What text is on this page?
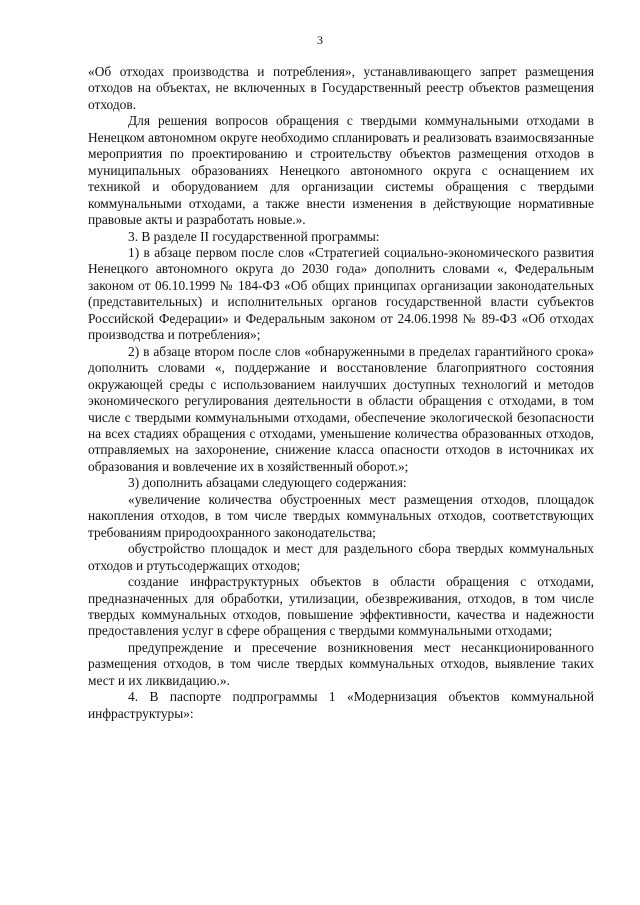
3

«Об отходах производства и потребления», устанавливающего запрет размещения отходов на объектах, не включенных в Государственный реестр объектов размещения отходов.

Для решения вопросов обращения с твердыми коммунальными отходами в Ненецком автономном округе необходимо спланировать и реализовать взаимосвязанные мероприятия по проектированию и строительству объектов размещения отходов в муниципальных образованиях Ненецкого автономного округа с оснащением их техникой и оборудованием для организации системы обращения с твердыми коммунальными отходами, а также внести изменения в действующие нормативные правовые акты и разработать новые.».

3. В разделе II государственной программы:

1) в абзаце первом после слов «Стратегией социально-экономического развития Ненецкого автономного округа до 2030 года» дополнить словами «, Федеральным законом от 06.10.1999 № 184-ФЗ «Об общих принципах организации законодательных (представительных) и исполнительных органов государственной власти субъектов Российской Федерации» и Федеральным законом от 24.06.1998 № 89-ФЗ «Об отходах производства и потребления»;

2) в абзаце втором после слов «обнаруженными в пределах гарантийного срока» дополнить словами «, поддержание и восстановление благоприятного состояния окружающей среды с использованием наилучших доступных технологий и методов экономического регулирования деятельности в области обращения с отходами, в том числе с твердыми коммунальными отходами, обеспечение экологической безопасности на всех стадиях обращения с отходами, уменьшение количества образованных отходов, отправляемых на захоронение, снижение класса опасности отходов в источниках их образования и вовлечение их в хозяйственный оборот.»;

3) дополнить абзацами следующего содержания:

«увеличение количества обустроенных мест размещения отходов, площадок накопления отходов, в том числе твердых коммунальных отходов, соответствующих требованиям природоохранного законодательства;

обустройство площадок и мест для раздельного сбора твердых коммунальных отходов и ртутьсодержащих отходов;

создание инфраструктурных объектов в области обращения с отходами, предназначенных для обработки, утилизации, обезвреживания, отходов, в том числе твердых коммунальных отходов, повышение эффективности, качества и надежности предоставления услуг в сфере обращения с твердыми коммунальными отходами;

предупреждение и пресечение возникновения мест несанкционированного размещения отходов, в том числе твердых коммунальных отходов, выявление таких мест и их ликвидацию.».

4. В паспорте подпрограммы 1 «Модернизация объектов коммунальной инфраструктуры»:
